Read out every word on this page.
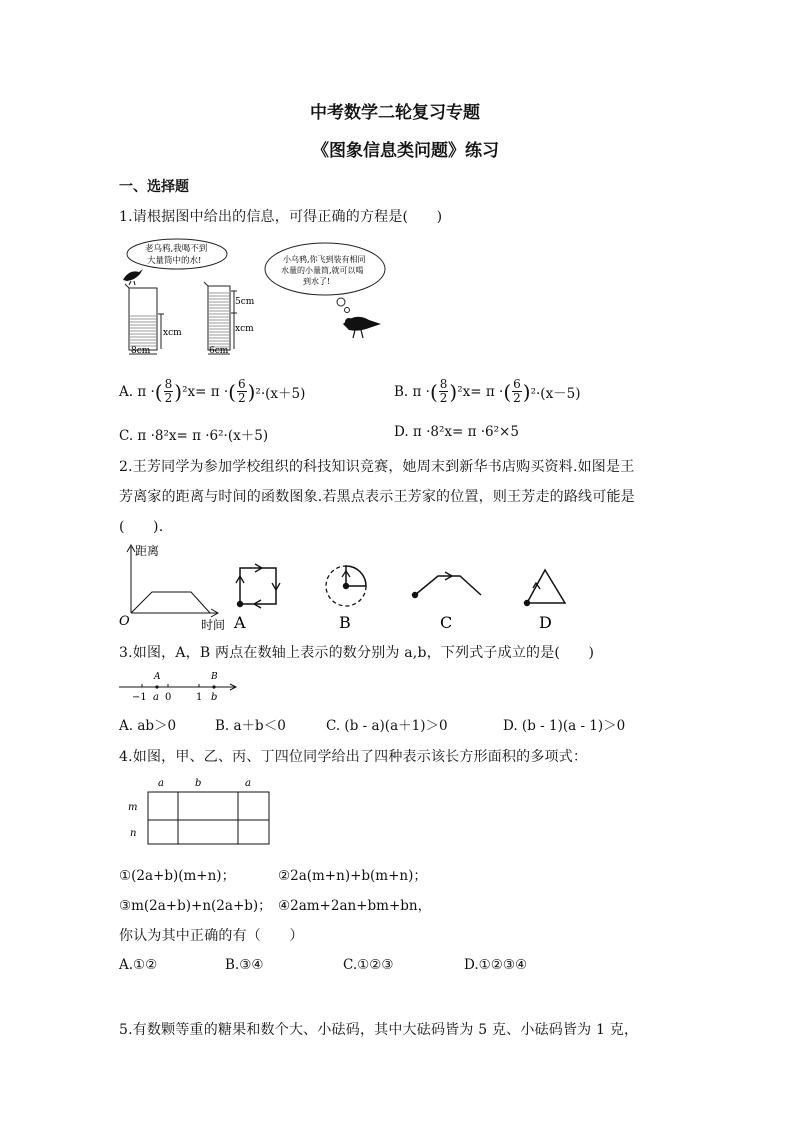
中考数学二轮复习专题
《图象信息类问题》练习
一、选择题
1.请根据图中给出的信息，可得正确的方程是(　　)
老乌鸦,我喝不到
大量筒中的水!	小乌鸦,你飞到装有相同
水量的小量筒,就可以喝
到水了!
xcm
8cm
5cm
xcm
6cm
A. π · ( $\frac{8}{2}$ ) ²x= π · ( $\frac{6}{2}$ ) ²·(x＋5)	B. π · ( $\frac{8}{2}$ ) ²x= π · ( $\frac{6}{2}$ ) ²·(x－5)
C. π ·8²x= π ·6²·(x＋5)	D. π ·8²x= π ·6²×5
2.王芳同学为参加学校组织的科技知识竞赛，她周末到新华书店购买资料.如图是王
芳离家的距离与时间的函数图象.若黑点表示王芳家的位置，则王芳走的路线可能是
(　　).
距离
O	时间 A	B	C	D
3.如图，A，B 两点在数轴上表示的数分别为 a,b，下列式子成立的是(　　)
A	B
−1 a 0 1 b
A. ab＞0	B. a＋b＜0	C. (b - a)(a＋1)＞0	D. (b - 1)(a - 1)＞0
4.如图，甲、乙、丙、丁四位同学给出了四种表示该长方形面积的多项式：
a	b	a
m
n
①(2a+b)(m+n)；	②2a(m+n)+b(m+n)；
③m(2a+b)+n(2a+b)； ④2am+2an+bm+bn，
你认为其中正确的有（　　）
A.①②	B.③④	C.①②③	D.①②③④
5.有数颗等重的糖果和数个大、小砝码，其中大砝码皆为 5 克、小砝码皆为 1 克，
